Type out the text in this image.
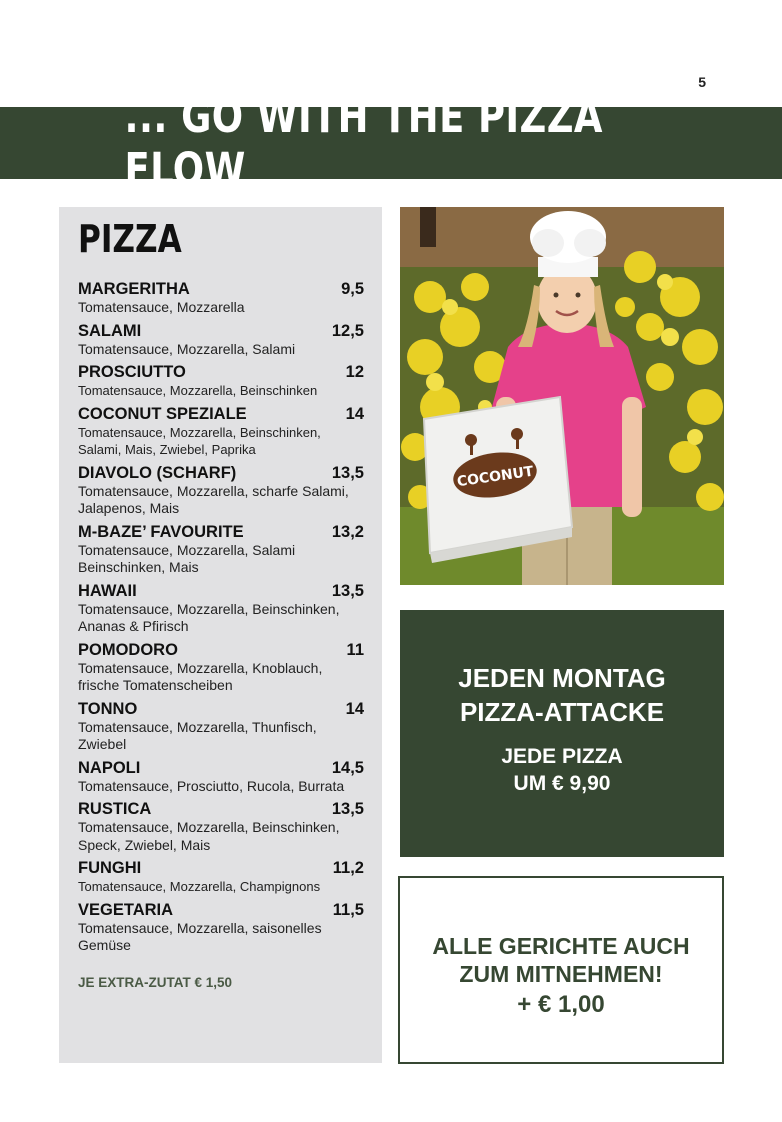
5
... GO WITH THE PIZZA FLOW
PIZZA
MARGERITHA	9,5
Tomatensauce, Mozzarella
SALAMI	12,5
Tomatensauce, Mozzarella, Salami
PROSCIUTTO	12
Tomatensauce, Mozzarella, Beinschinken
COCONUT SPEZIALE	14
Tomatensauce, Mozzarella, Beinschinken, Salami, Mais, Zwiebel, Paprika
DIAVOLO (SCHARF)	13,5
Tomatensauce, Mozzarella, scharfe Salami, Jalapenos, Mais
M-BAZE’ FAVOURITE	13,2
Tomatensauce, Mozzarella, Salami Beinschinken, Mais
HAWAII	13,5
Tomatensauce, Mozzarella, Beinschinken, Ananas & Pfirisch
POMODORO	11
Tomatensauce, Mozzarella, Knoblauch, frische Tomatenscheiben
TONNO	14
Tomatensauce, Mozzarella, Thunfisch, Zwiebel
NAPOLI	14,5
Tomatensauce, Prosciutto, Rucola, Burrata
RUSTICA	13,5
Tomatensauce, Mozzarella, Beinschinken, Speck, Zwiebel, Mais
FUNGHI	11,2
Tomatensauce, Mozzarella, Champignons
VEGETARIA	11,5
Tomatensauce, Mozzarella, saisonelles Gemüse
JE EXTRA-ZUTAT € 1,50
COCONUT
JEDEN MONTAG
PIZZA-ATTACKE
JEDE PIZZA
UM € 9,90
ALLE GERICHTE AUCH
ZUM MITNEHMEN!
+ € 1,00
